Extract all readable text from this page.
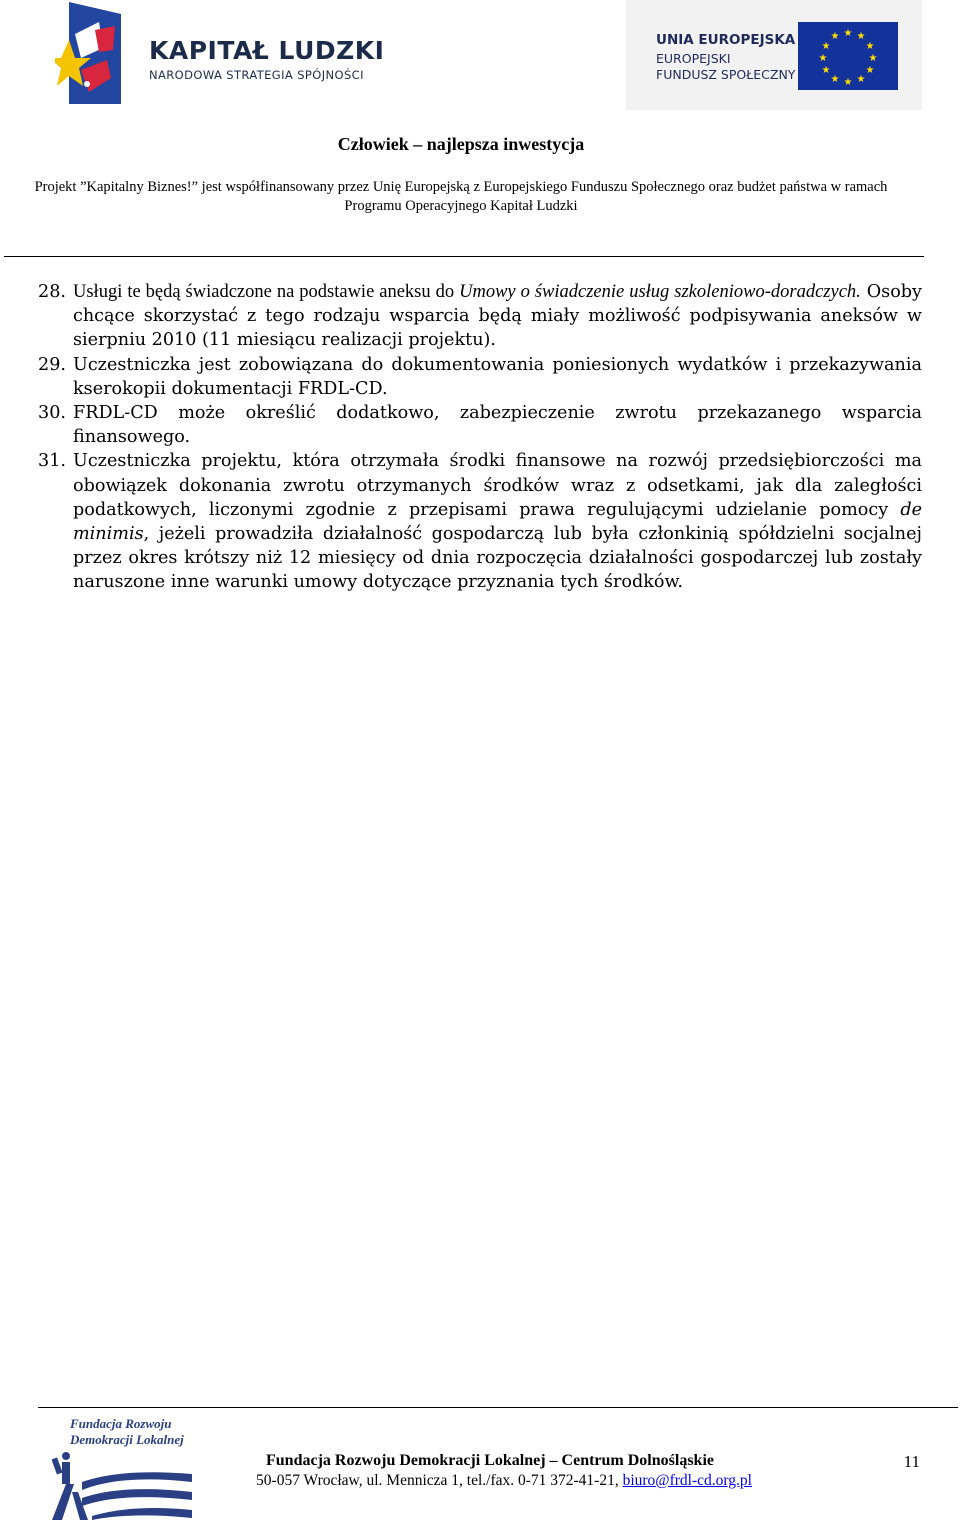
KAPITAŁ LUDZKI
NARODOWA STRATEGIA SPÓJNOŚCI
UNIA EUROPEJSKA
EUROPEJSKI
FUNDUSZ SPOŁECZNY
★ ★
★
★
★
★
★
★
★
★
★
★
Człowiek – najlepsza inwestycja
Projekt ”Kapitalny Biznes!” jest współfinansowany przez Unię Europejską z Europejskiego Funduszu Społecznego oraz budżet państwa w ramach
Programu Operacyjnego Kapitał Ludzki
28. Usługi te będą świadczone na podstawie aneksu do Umowy o świadczenie usług szkoleniowo-doradczych. Osoby chcące skorzystać z tego rodzaju wsparcia będą miały możliwość podpisywania aneksów w sierpniu 2010 (11 miesiącu realizacji projektu).
29. Uczestniczka jest zobowiązana do dokumentowania poniesionych wydatków i przekazywania kserokopii dokumentacji FRDL-CD.
30. FRDL-CD może określić dodatkowo, zabezpieczenie zwrotu przekazanego wsparcia finansowego.
31. Uczestniczka projektu, która otrzymała środki finansowe na rozwój przedsiębiorczości ma obowiązek dokonania zwrotu otrzymanych środków wraz z odsetkami, jak dla zaległości podatkowych, liczonymi zgodnie z przepisami prawa regulującymi udzielanie pomocy de minimis, jeżeli prowadziła działalność gospodarczą lub była członkinią spółdzielni socjalnej przez okres krótszy niż 12 miesięcy od dnia rozpoczęcia działalności gospodarczej lub zostały naruszone inne warunki umowy dotyczące przyznania tych środków.
Fundacja Rozwoju
Demokracji Lokalnej
Fundacja Rozwoju Demokracji Lokalnej – Centrum Dolnośląskie
50-057 Wrocław, ul. Mennicza 1, tel./fax. 0-71 372-41-21, biuro@frdl-cd.org.pl
11
